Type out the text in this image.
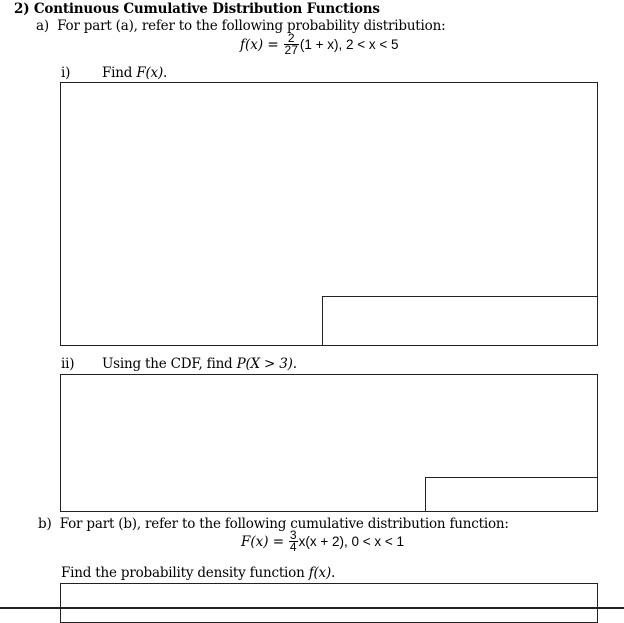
2) Continuous Cumulative Distribution Functions
a) For part (a), refer to the following probability distribution:
$f(x) = \frac{2}{27} (1 + x)$, 2 < x < 5
i) Find F(x).
ii) Using the CDF, find P(X > 3).
b) For part (b), refer to the following cumulative distribution function:
$F(x) = \frac{3}{4} x(x + 2)$, 0 < x < 1
Find the probability density function f(x).
